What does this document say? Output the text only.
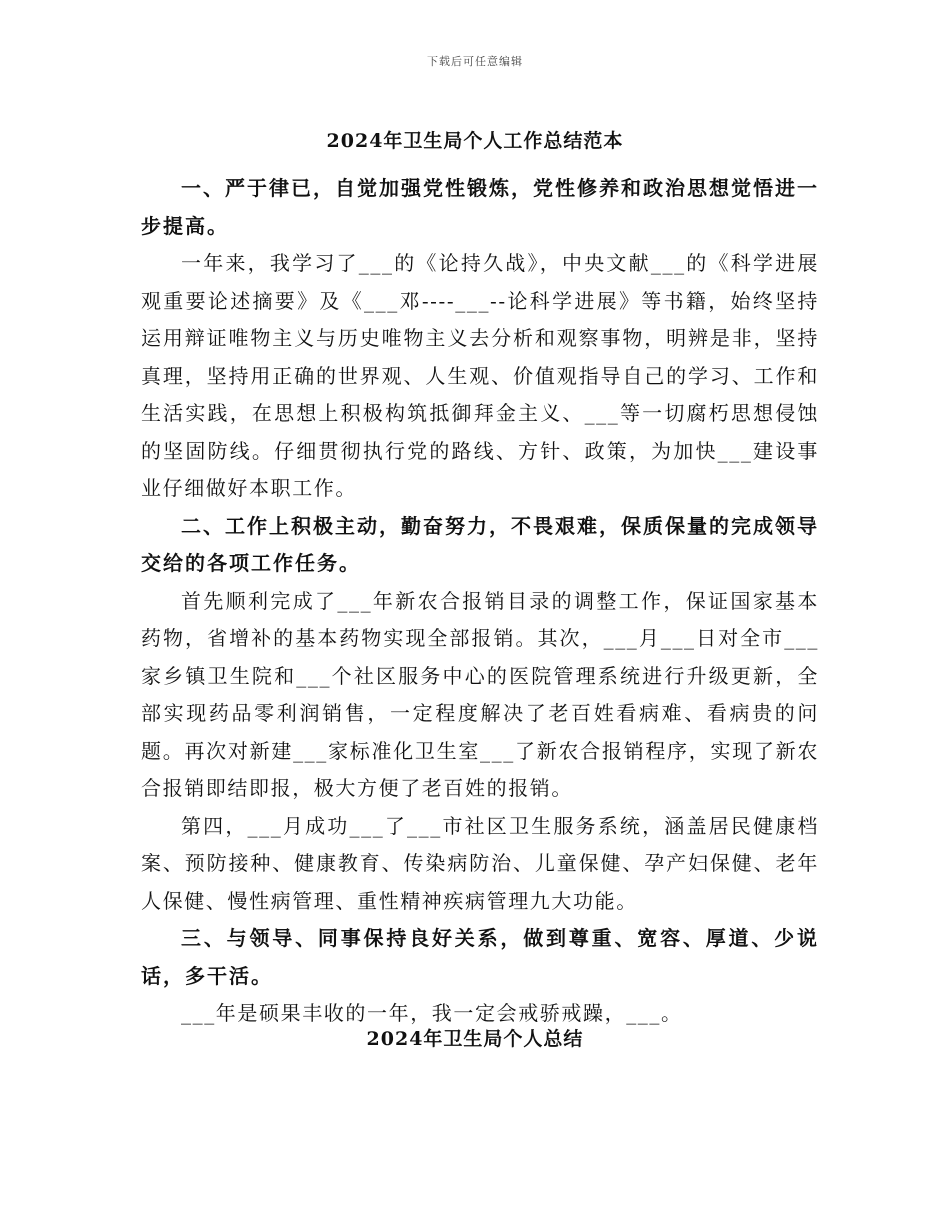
下载后可任意编辑
2024年卫生局个人工作总结范本

一、严于律已，自觉加强党性锻炼，党性修养和政治思想觉悟进一步提高。

一年来，我学习了___的《论持久战》，中央文献___的《科学进展观重要论述摘要》及《___邓----___--论科学进展》等书籍，始终坚持运用辩证唯物主义与历史唯物主义去分析和观察事物，明辨是非，坚持真理，坚持用正确的世界观、人生观、价值观指导自己的学习、工作和生活实践，在思想上积极构筑抵御拜金主义、___等一切腐朽思想侵蚀的坚固防线。仔细贯彻执行党的路线、方针、政策，为加快___建设事业仔细做好本职工作。

二、工作上积极主动，勤奋努力，不畏艰难，保质保量的完成领导交给的各项工作任务。

首先顺利完成了___年新农合报销目录的调整工作，保证国家基本药物，省增补的基本药物实现全部报销。其次，___月___日对全市___家乡镇卫生院和___个社区服务中心的医院管理系统进行升级更新，全部实现药品零利润销售，一定程度解决了老百姓看病难、看病贵的问题。再次对新建___家标准化卫生室___了新农合报销程序，实现了新农合报销即结即报，极大方便了老百姓的报销。

第四，___月成功___了___市社区卫生服务系统，涵盖居民健康档案、预防接种、健康教育、传染病防治、儿童保健、孕产妇保健、老年人保健、慢性病管理、重性精神疾病管理九大功能。

三、与领导、同事保持良好关系，做到尊重、宽容、厚道、少说话，多干活。

___年是硕果丰收的一年，我一定会戒骄戒躁，___。

2024年卫生局个人总结
